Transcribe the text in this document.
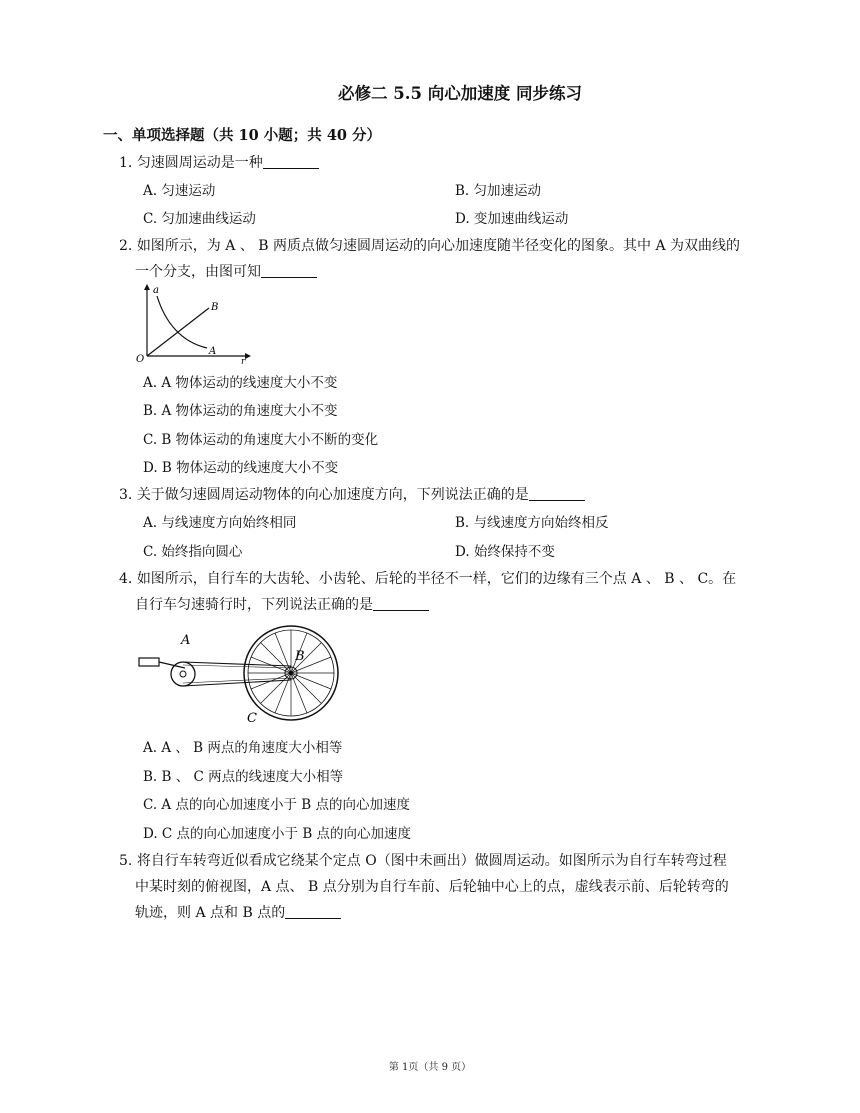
必修二 5.5 向心加速度 同步练习
一、单项选择题（共 10 小题；共 40 分）
1. 匀速圆周运动是一种
A. 匀速运动	B. 匀加速运动
C. 匀加速曲线运动	D. 变加速曲线运动
2. 如图所示，为 A 、 B 两质点做匀速圆周运动的向心加速度随半径变化的图象。其中 A 为双曲线的
一个分支，由图可知
a
B
A
O	r
A. A 物体运动的线速度大小不变
B. A 物体运动的角速度大小不变
C. B 物体运动的角速度大小不断的变化
D. B 物体运动的线速度大小不变
3. 关于做匀速圆周运动物体的向心加速度方向，下列说法正确的是
A. 与线速度方向始终相同	B. 与线速度方向始终相反
C. 始终指向圆心	D. 始终保持不变
4. 如图所示，自行车的大齿轮、小齿轮、后轮的半径不一样，它们的边缘有三个点 A 、 B 、 C。在
自行车匀速骑行时，下列说法正确的是
A
B
C
A. A 、 B 两点的角速度大小相等
B. B 、 C 两点的线速度大小相等
C. A 点的向心加速度小于 B 点的向心加速度
D. C 点的向心加速度小于 B 点的向心加速度
5. 将自行车转弯近似看成它绕某个定点 O（图中未画出）做圆周运动。如图所示为自行车转弯过程
中某时刻的俯视图，A 点、 B 点分别为自行车前、后轮轴中心上的点，虚线表示前、后轮转弯的
轨迹，则 A 点和 B 点的
第 1页（共 9 页）
